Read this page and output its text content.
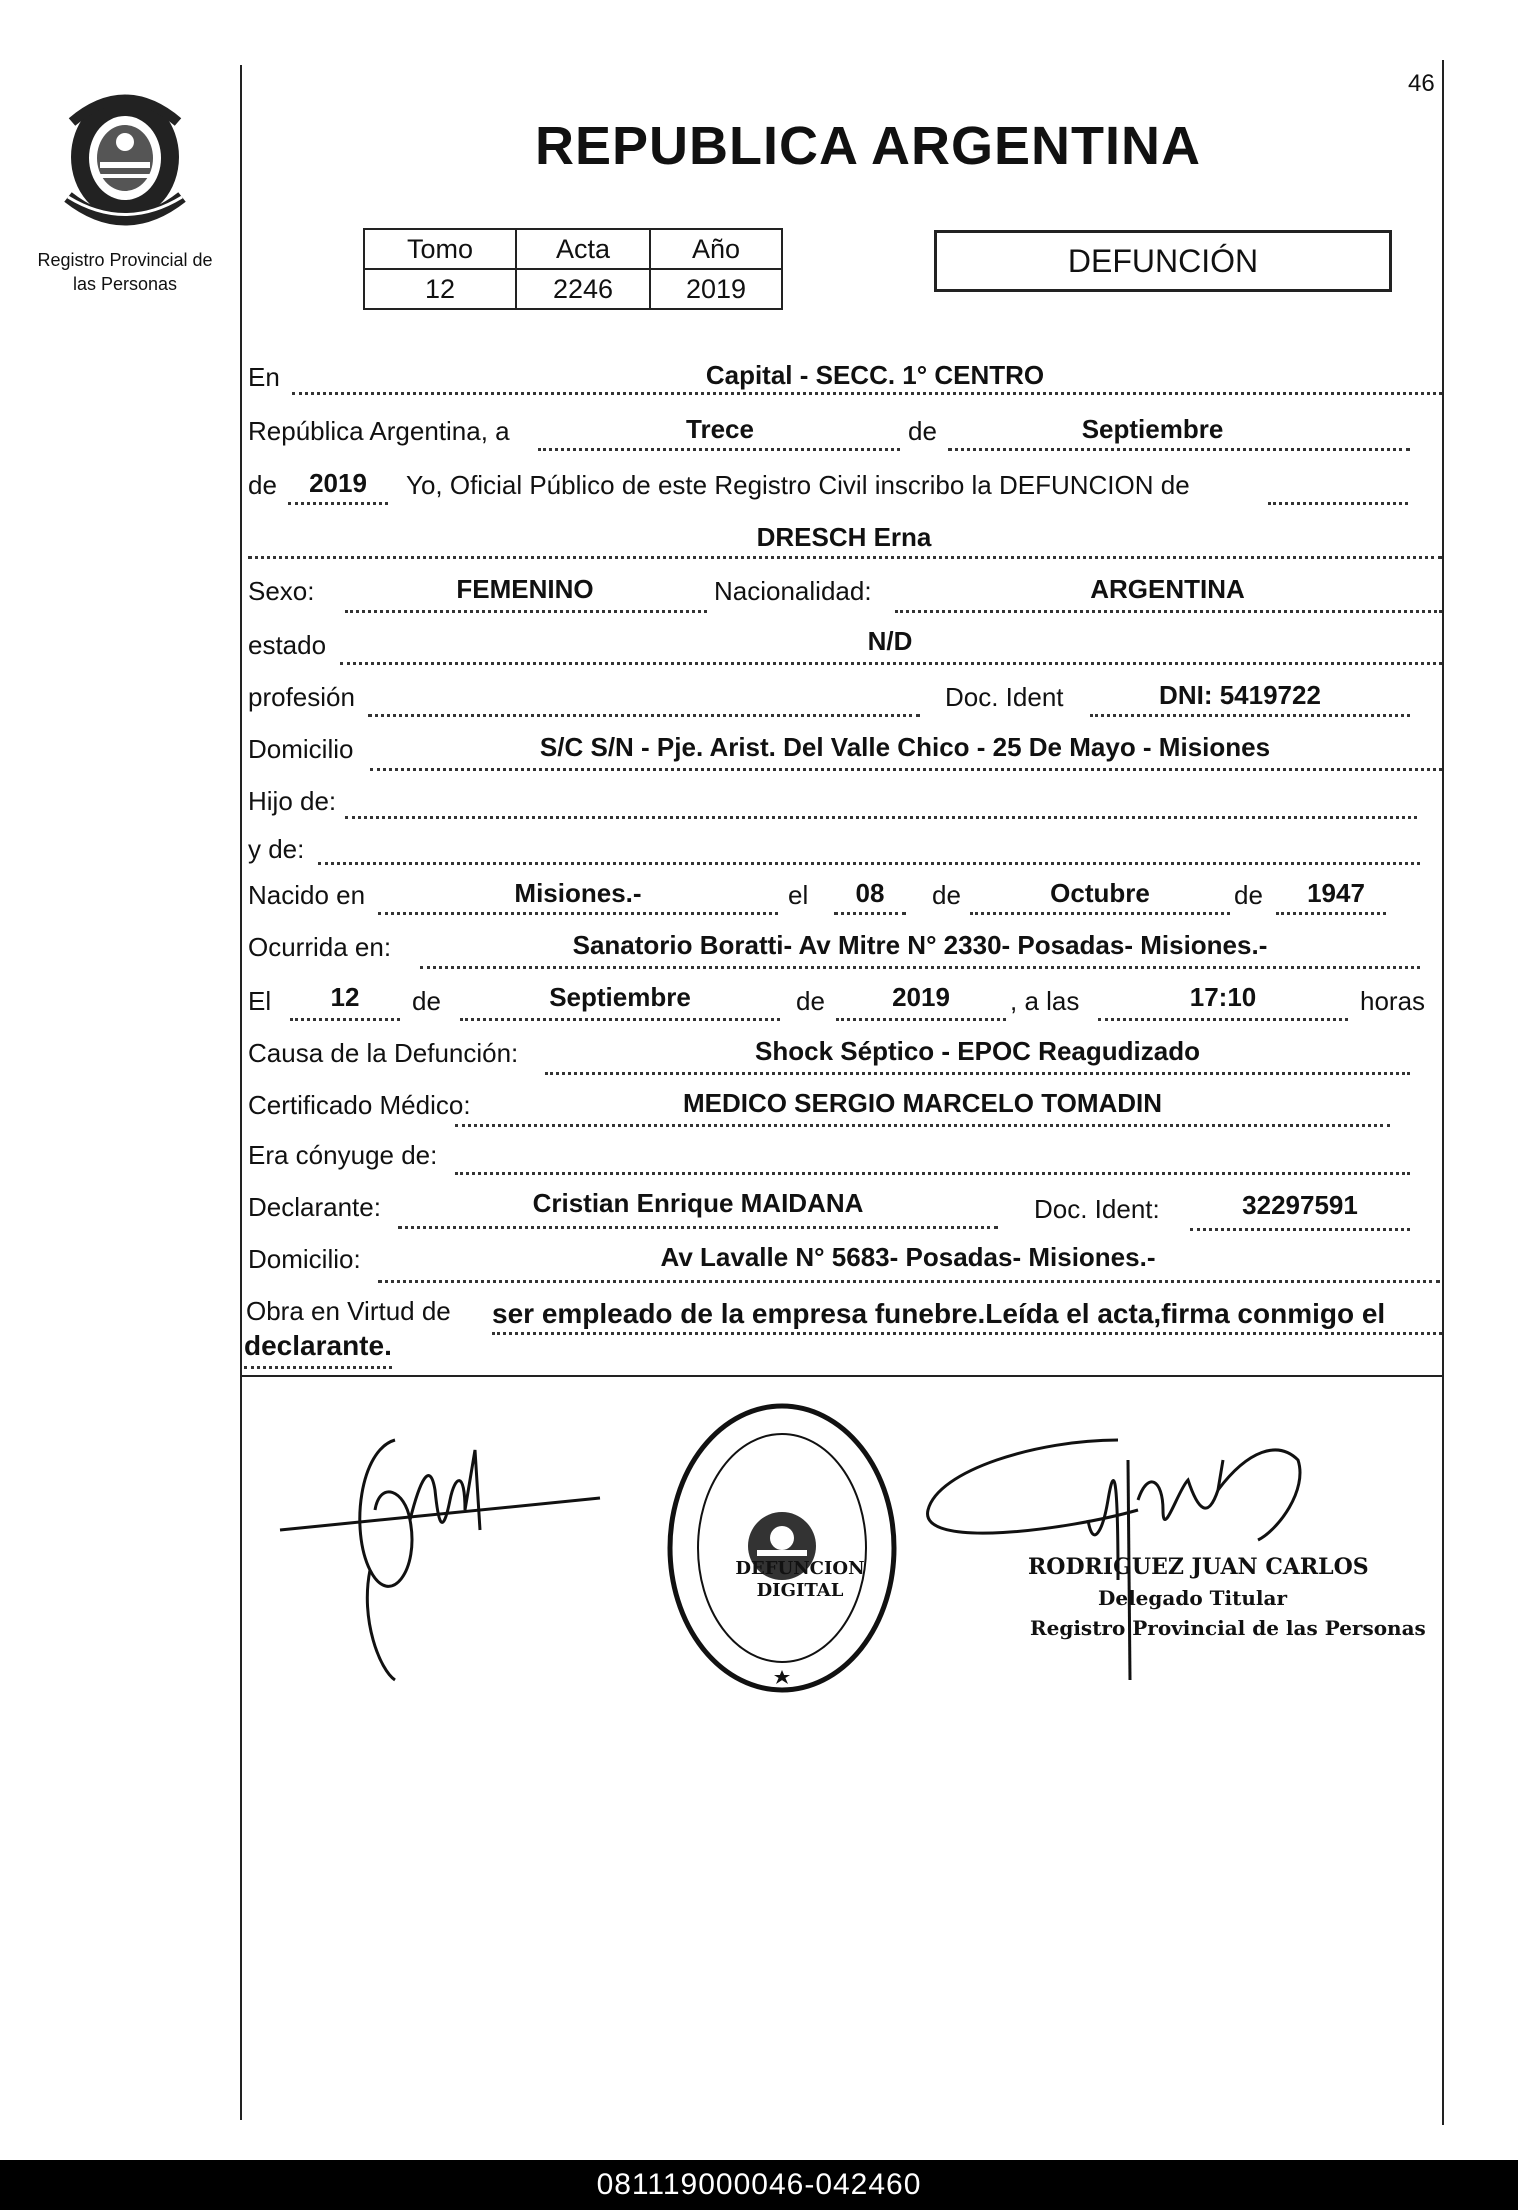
46
Registro Provincial de
las Personas
REPUBLICA ARGENTINA
Tomo	Acta	Año
12	2246	2019
DEFUNCIÓN
En	Capital - SECC. 1° CENTRO
República Argentina, a	Trece	de	Septiembre
de	2019	Yo, Oficial Público de este Registro Civil inscribo la DEFUNCION de
DRESCH Erna
Sexo:	FEMENINO	Nacionalidad:	ARGENTINA
estado	N/D
profesión	Doc. Ident	DNI: 5419722
Domicilio	S/C S/N - Pje. Arist. Del Valle Chico - 25 De Mayo - Misiones
Hijo de:
y de:
Nacido en	Misiones.-	el	08	de	Octubre	de	1947
Ocurrida en:	Sanatorio Boratti- Av Mitre N° 2330- Posadas- Misiones.-
El	12	de	Septiembre	de	2019	, a las	17:10	horas
Causa de la Defunción:	Shock Séptico - EPOC Reagudizado
Certificado Médico:	MEDICO SERGIO MARCELO TOMADIN
Era cónyuge de:
Declarante:	Cristian Enrique MAIDANA	Doc. Ident:	32297591
Domicilio:	Av Lavalle N° 5683- Posadas- Misiones.-
Obra en Virtud de ser empleado de la empresa funebre.Leída el acta,firma conmigo el
declarante.
DEFUNCION DIGITAL
RODRIGUEZ JUAN CARLOS
Delegado Titular
Registro Provincial de las Personas
081119000046-042460
